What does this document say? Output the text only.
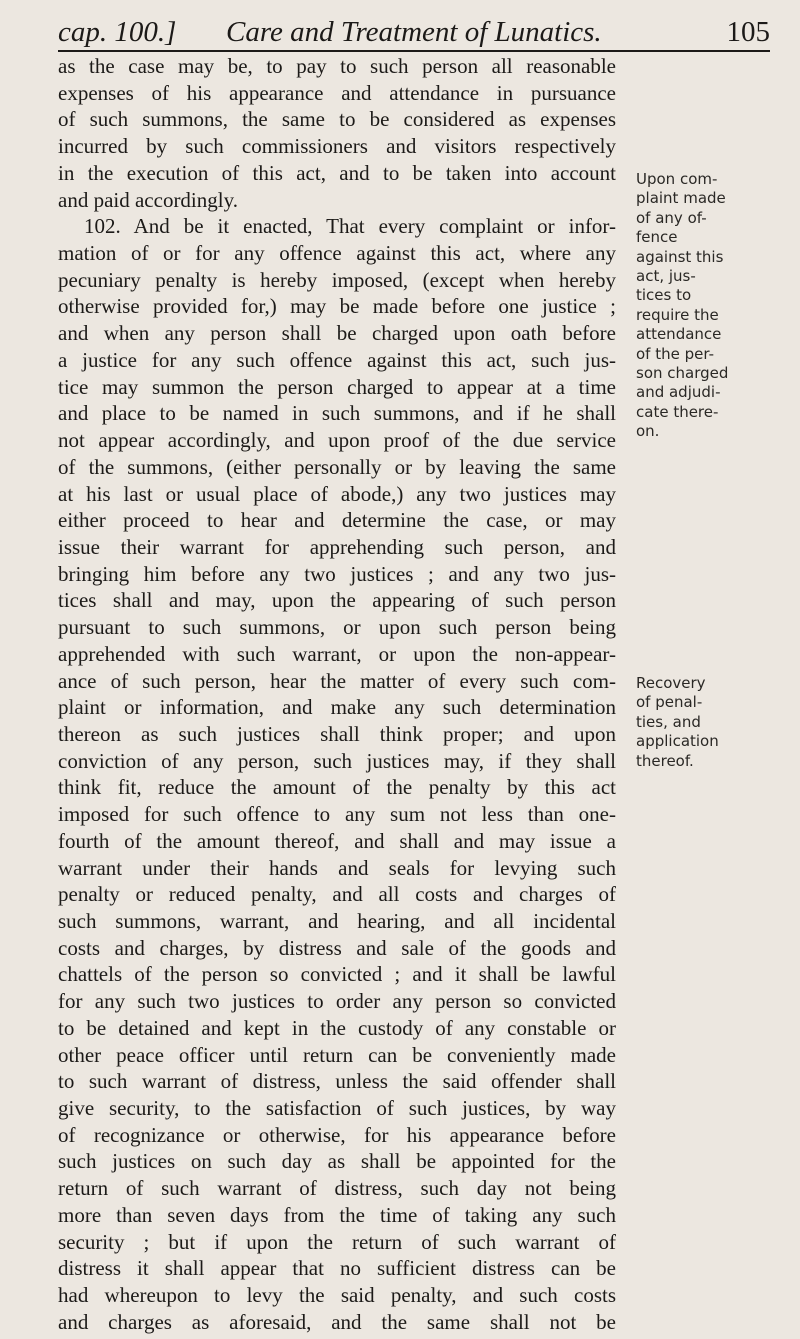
cap. 100.] Care and Treatment of Lunatics.	105
as the case may be, to pay to such person all reasonable
expenses of his appearance and attendance in pursuance
of such summons, the same to be considered as expenses
incurred by such commissioners and visitors respectively
in the execution of this act, and to be taken into account
and paid accordingly.
102. And be it enacted, That every complaint or infor-
mation of or for any offence against this act, where any
pecuniary penalty is hereby imposed, (except when hereby
otherwise provided for,) may be made before one justice ;
and when any person shall be charged upon oath before
a justice for any such offence against this act, such jus-
tice may summon the person charged to appear at a time
and place to be named in such summons, and if he shall
not appear accordingly, and upon proof of the due service
of the summons, (either personally or by leaving the same
at his last or usual place of abode,) any two justices may
either proceed to hear and determine the case, or may
issue their warrant for apprehending such person, and
bringing him before any two justices ; and any two jus-
tices shall and may, upon the appearing of such person
pursuant to such summons, or upon such person being
apprehended with such warrant, or upon the non-appear-
ance of such person, hear the matter of every such com-
plaint or information, and make any such determination
thereon as such justices shall think proper; and upon
conviction of any person, such justices may, if they shall
think fit, reduce the amount of the penalty by this act
imposed for such offence to any sum not less than one-
fourth of the amount thereof, and shall and may issue a
warrant under their hands and seals for levying such
penalty or reduced penalty, and all costs and charges of
such summons, warrant, and hearing, and all incidental
costs and charges, by distress and sale of the goods and
chattels of the person so convicted ; and it shall be lawful
for any such two justices to order any person so convicted
to be detained and kept in the custody of any constable or
other peace officer until return can be conveniently made
to such warrant of distress, unless the said offender shall
give security, to the satisfaction of such justices, by way
of recognizance or otherwise, for his appearance before
such justices on such day as shall be appointed for the
return of such warrant of distress, such day not being
more than seven days from the time of taking any such
security ; but if upon the return of such warrant of
distress it shall appear that no sufficient distress can be
had whereupon to levy the said penalty, and such costs
and charges as aforesaid, and the same shall not be
Upon com-
plaint made
of any of-
fence
against this
act, jus-
tices to
require the
attendance
of the per-
son charged
and adjudi-
cate there-
on.
Recovery
of penal-
ties, and
application
thereof.
